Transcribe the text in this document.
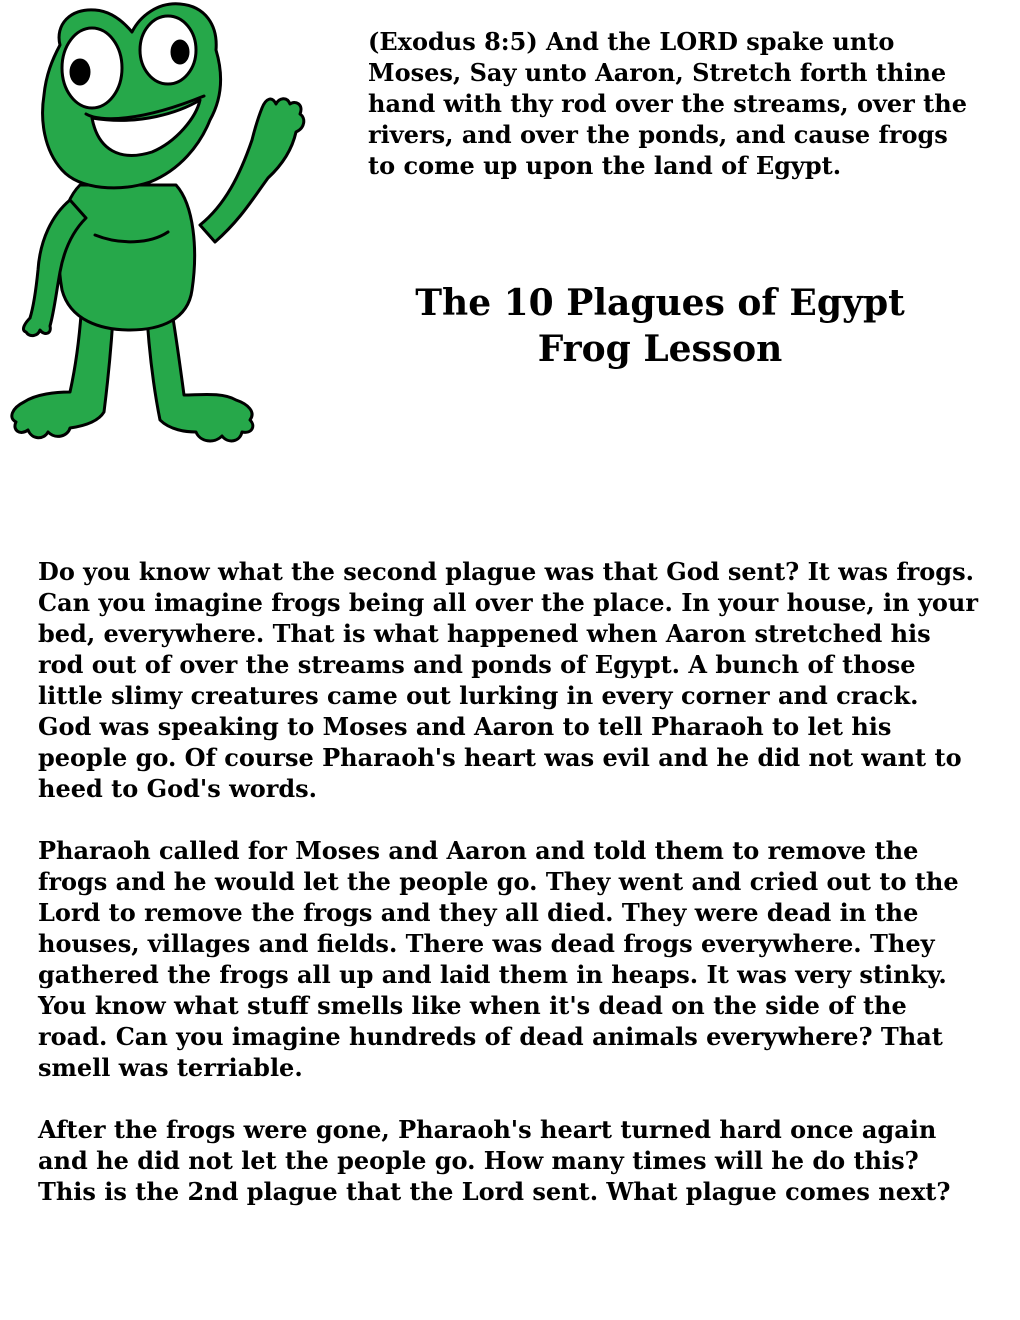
(Exodus 8:5) And the LORD spake unto
Moses, Say unto Aaron, Stretch forth thine
hand with thy rod over the streams, over the
rivers, and over the ponds, and cause frogs
to come up upon the land of Egypt.
The 10 Plagues of Egypt
Frog Lesson
Do you know what the second plague was that God sent? It was frogs.
Can you imagine frogs being all over the place. In your house, in your
bed, everywhere. That is what happened when Aaron stretched his
rod out of over the streams and ponds of Egypt. A bunch of those
little slimy creatures came out lurking in every corner and crack.
God was speaking to Moses and Aaron to tell Pharaoh to let his
people go. Of course Pharaoh's heart was evil and he did not want to
heed to God's words.
Pharaoh called for Moses and Aaron and told them to remove the
frogs and he would let the people go. They went and cried out to the
Lord to remove the frogs and they all died. They were dead in the
houses, villages and fields. There was dead frogs everywhere. They
gathered the frogs all up and laid them in heaps. It was very stinky.
You know what stuff smells like when it's dead on the side of the
road. Can you imagine hundreds of dead animals everywhere? That
smell was terriable.
After the frogs were gone, Pharaoh's heart turned hard once again
and he did not let the people go. How many times will he do this?
This is the 2nd plague that the Lord sent. What plague comes next?
